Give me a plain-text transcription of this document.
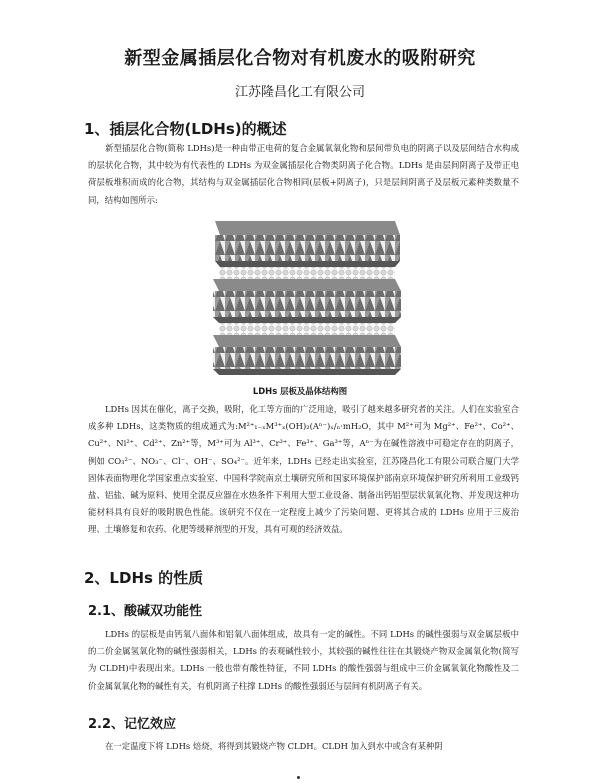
新型金属插层化合物对有机废水的吸附研究

江苏隆昌化工有限公司

1、插层化合物(LDHs)的概述

新型插层化合物(简称 LDHs)是一种由带正电荷的复合金属氧氧化物和层间带负电的阴离子以及层间结合水构成的层状化合物，其中较为有代表性的 LDHs 为双金属插层化合物类阴离子化合物。LDHs 是由层间阴离子及带正电荷层板堆积而成的化合物，其结构与双金属插层化合物相同(层板+阴离子)，只是层间阴离子及层板元素种类数量不同，结构如图所示:

LDHs 层板及晶体结构图

LDHs 因其在催化，离子交换，吸附，化工等方面的广泛用途，吸引了越来越多研究者的关注。人们在实验室合成多种 LDHs，这类物质的组成通式为:M²⁺₁₋ₓM³⁺ₓ(OH)₂(Aⁿ⁻)ₓ/ₙ·mH₂O，其中 M²⁺可为 Mg²⁺、Fe²⁺、Co²⁺、Cu²⁺、Ni²⁺、Cd²⁺、Zn²⁺等，M³⁺可为 Al³⁺、Cr³⁺、Fe³⁺、Ga³⁺等，Aⁿ⁻为在碱性溶液中可稳定存在的阴离子，例如 CO₃²⁻、NO₃⁻、Cl⁻、OH⁻、SO₄²⁻。近年来，LDHs 已经走出实验室，江苏隆昌化工有限公司联合厦门大学固体表面物理化学国家重点实验室、中国科学院南京土壤研究所和国家环境保护部南京环境保护研究所利用工业级钙盐、铝盐、碱为原料、使用全混反应器在水热条件下利用大型工业设备、制备出钙铝型层状氧氧化物、并发现这种功能材料具有良好的吸附脱色性能。该研究不仅在一定程度上减少了污染问题、更将其合成的 LDHs 应用于三废治理、土壤修复和农药、化肥等缓释剂型的开发，具有可观的经济效益。

2、LDHs 的性质
2.1、酸碱双功能性

LDHs 的层板是由钙氧八面体和铝氧八面体组成，故具有一定的碱性。不同 LDHs 的碱性强弱与双金属层板中的二价金属氢氧化物的碱性强弱相关，LDHs 的表观碱性较小，其较强的碱性往往在其锻烧产物双金属氧化物(简写为 CLDH)中表现出来。LDHs 一般也带有酸性特征，不同 LDHs 的酸性强弱与组成中三价金属氧氧化物酸性及二价金属氧氧化物的碱性有关，有机阴离子柱撑 LDHs 的酸性强弱还与层间有机阴离子有关。

2.2、记忆效应

在一定温度下将 LDHs 焙烧，将得到其锻烧产物 CLDH。CLDH 加入到水中或含有某种阴
